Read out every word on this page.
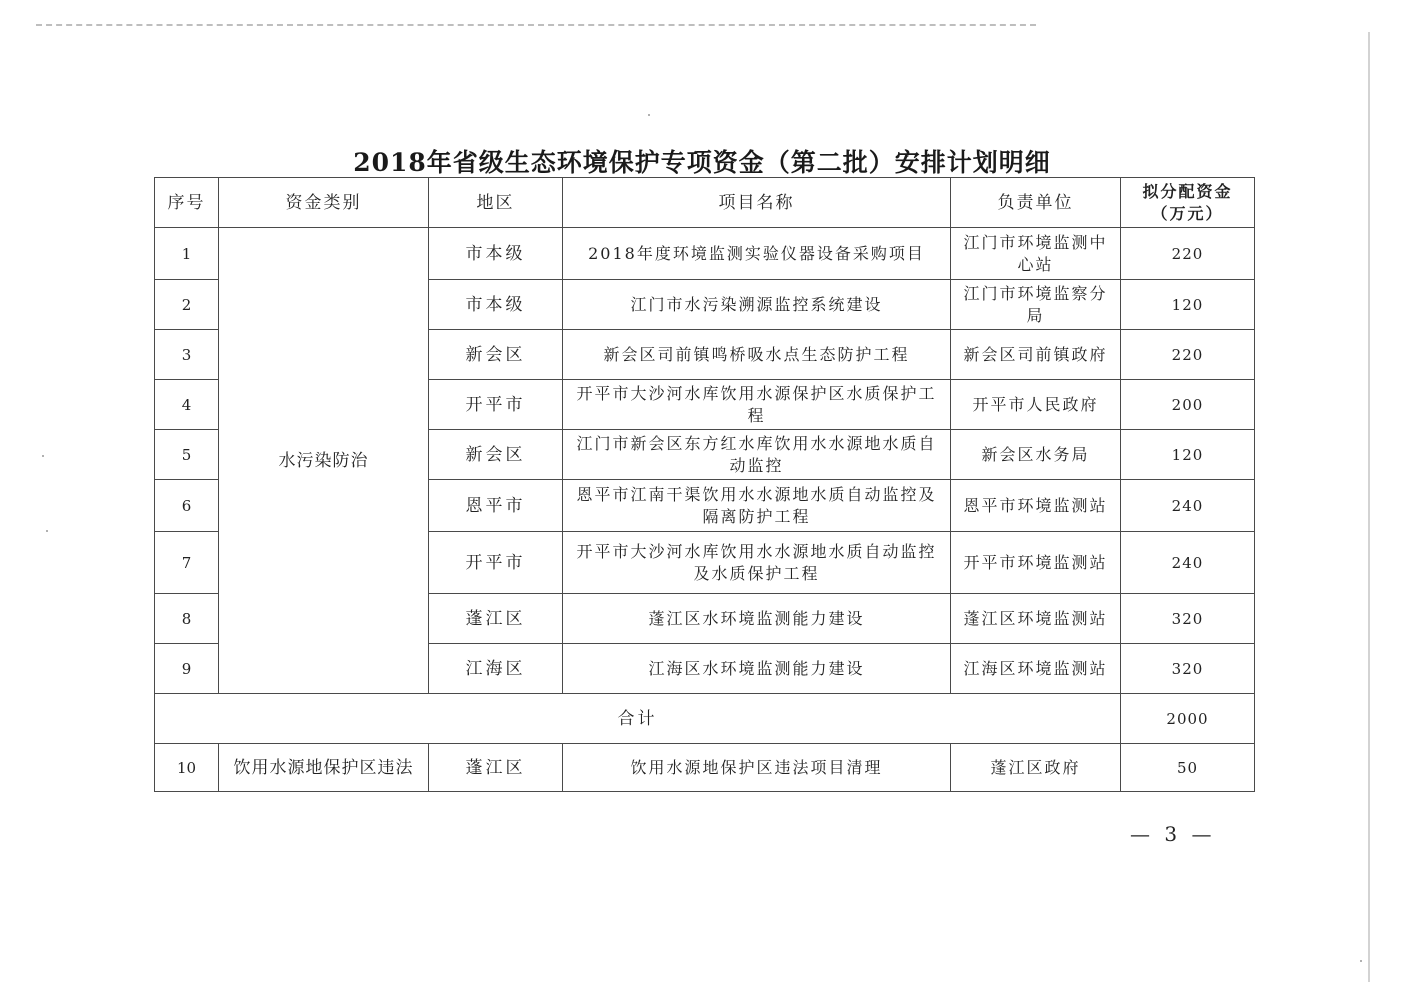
2018年省级生态环境保护专项资金（第二批）安排计划明细
序号	资金类别	地区	项目名称	负责单位	拟分配资金（万元）
1	水污染防治	市本级	2018年度环境监测实验仪器设备采购项目	江门市环境监测中心站	220
2		市本级	江门市水污染溯源监控系统建设	江门市环境监察分局	120
3		新会区	新会区司前镇鸣桥吸水点生态防护工程	新会区司前镇政府	220
4		开平市	开平市大沙河水库饮用水源保护区水质保护工程	开平市人民政府	200
5		新会区	江门市新会区东方红水库饮用水水源地水质自动监控	新会区水务局	120
6		恩平市	恩平市江南干渠饮用水水源地水质自动监控及隔离防护工程	恩平市环境监测站	240
7		开平市	开平市大沙河水库饮用水水源地水质自动监控及水质保护工程	开平市环境监测站	240
8		蓬江区	蓬江区水环境监测能力建设	蓬江区环境监测站	320
9		江海区	江海区水环境监测能力建设	江海区环境监测站	320
合计					2000
10	饮用水源地保护区违法	蓬江区	饮用水源地保护区违法项目清理	蓬江区政府	50
— 3 —
